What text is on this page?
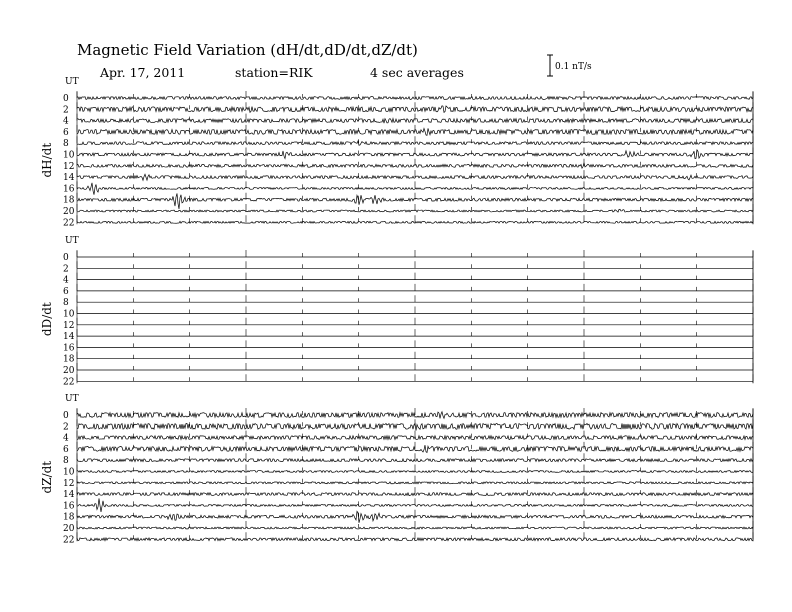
Magnetic Field Variation (dH/dt,dD/dt,dZ/dt)
Apr. 17, 2011	station=RIK	4 sec averages	0.1 nT/s
UT
dH/dt
0
2
4
6
8
10
12
14
16
18
20
22
UT
dD/dt
0
2
4
6
8
10
12
14
16
18
20
22
UT
dZ/dt
0
2
4
6
8
10
12
14
16
18
20
22
